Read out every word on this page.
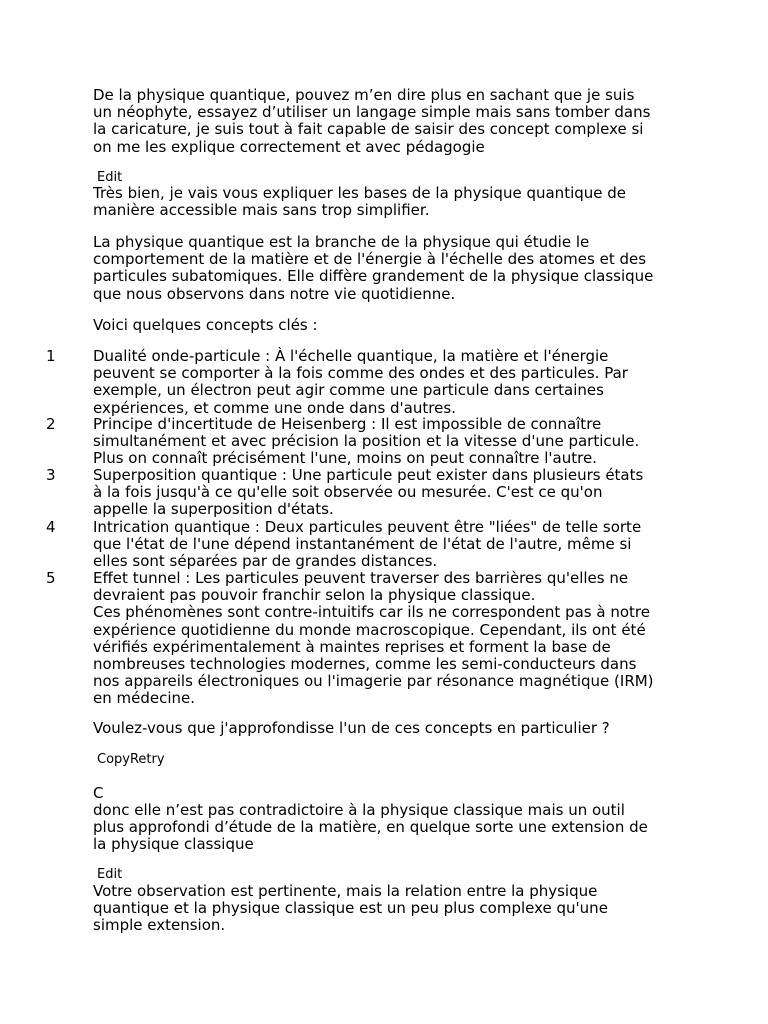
De la physique quantique, pouvez m’en dire plus en sachant que je suis
un néophyte, essayez d’utiliser un langage simple mais sans tomber dans
la caricature, je suis tout à fait capable de saisir des concept complexe si
on me les explique correctement et avec pédagogie

Edit

Très bien, je vais vous expliquer les bases de la physique quantique de
manière accessible mais sans trop simplifier.

La physique quantique est la branche de la physique qui étudie le
comportement de la matière et de l'énergie à l'échelle des atomes et des
particules subatomiques. Elle diffère grandement de la physique classique
que nous observons dans notre vie quotidienne.

Voici quelques concepts clés :

1 Dualité onde-particule : À l'échelle quantique, la matière et l'énergie
peuvent se comporter à la fois comme des ondes et des particules. Par
exemple, un électron peut agir comme une particule dans certaines
expériences, et comme une onde dans d'autres.

2 Principe d'incertitude de Heisenberg : Il est impossible de connaître
simultanément et avec précision la position et la vitesse d'une particule.
Plus on connaît précisément l'une, moins on peut connaître l'autre.

3 Superposition quantique : Une particule peut exister dans plusieurs états
à la fois jusqu'à ce qu'elle soit observée ou mesurée. C'est ce qu'on
appelle la superposition d'états.

4 Intrication quantique : Deux particules peuvent être "liées" de telle sorte
que l'état de l'une dépend instantanément de l'état de l'autre, même si
elles sont séparées par de grandes distances.

5 Effet tunnel : Les particules peuvent traverser des barrières qu'elles ne
devraient pas pouvoir franchir selon la physique classique.
Ces phénomènes sont contre-intuitifs car ils ne correspondent pas à notre
expérience quotidienne du monde macroscopique. Cependant, ils ont été
vérifiés expérimentalement à maintes reprises et forment la base de
nombreuses technologies modernes, comme les semi-conducteurs dans
nos appareils électroniques ou l'imagerie par résonance magnétique (IRM)
en médecine.

Voulez-vous que j'approfondisse l'un de ces concepts en particulier ?

CopyRetry

C

donc elle n’est pas contradictoire à la physique classique mais un outil
plus approfondi d’étude de la matière, en quelque sorte une extension de
la physique classique

Edit

Votre observation est pertinente, mais la relation entre la physique
quantique et la physique classique est un peu plus complexe qu'une
simple extension.
